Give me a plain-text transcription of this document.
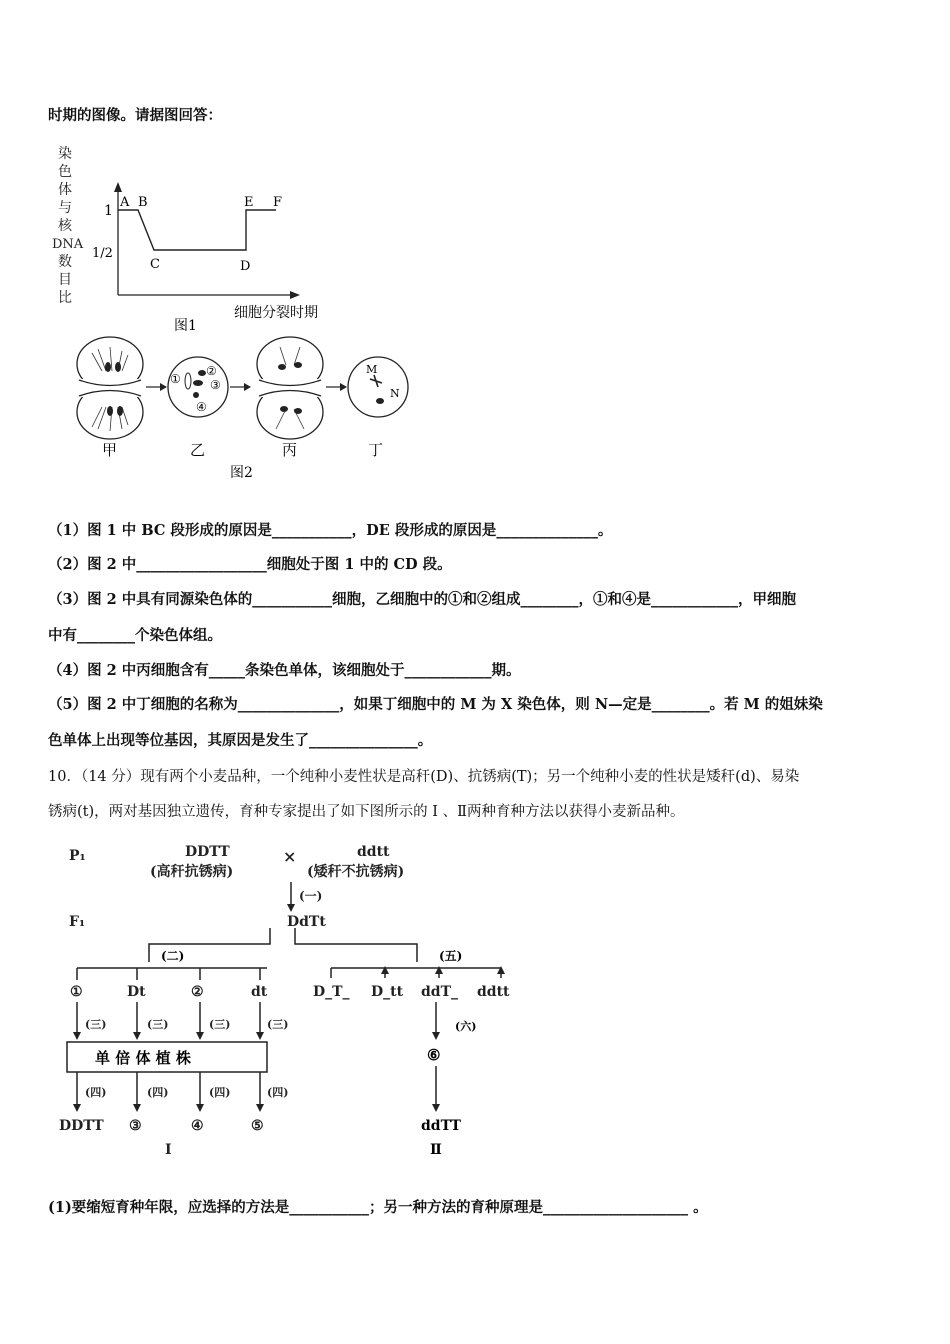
时期的图像。请据图回答：
染
色
体
与
核
DNA
数
目
比
1
1/2
A B
C	D
E F
细胞分裂时期
图1
①
②
③
④
M
N
甲	乙	丙	丁
图2
（1）图 1 中 BC 段形成的原因是___________，DE 段形成的原因是______________。
（2）图 2 中__________________细胞处于图 1 中的 CD 段。
（3）图 2 中具有同源染色体的___________细胞，乙细胞中的①和②组成________，①和④是____________，甲细胞
中有________个染色体组。
（4）图 2 中丙细胞含有_____条染色单体，该细胞处于____________期。
（5）图 2 中丁细胞的名称为______________，如果丁细胞中的 M 为 X 染色体，则 N—定是________。若 M 的姐妹染
色单体上出现等位基因，其原因是发生了_______________。
10．（14 分）现有两个小麦品种，一个纯种小麦性状是高秆(D)、抗锈病(T)；另一个纯种小麦的性状是矮秆(d)、易染
锈病(t)，两对基因独立遗传，育种专家提出了如下图所示的 Ⅰ 、Ⅱ两种育种方法以获得小麦新品种。
P₁	DDTT
(高秆抗锈病)
×	ddtt
(矮秆不抗锈病)
F₁	DdTt
(一)
(二)
①	Dt	②	dt
(三)	(三)	(三)	(三)
单 倍 体 植 株
(四)	(四)	(四)	(四)
DDTT ③	④	⑤
Ⅰ
(五)
D_T_ D_tt ddT_ ddtt
(六)
⑥
ddTT
Ⅱ
(1)要缩短育种年限，应选择的方法是___________；另一种方法的育种原理是____________________ 。
